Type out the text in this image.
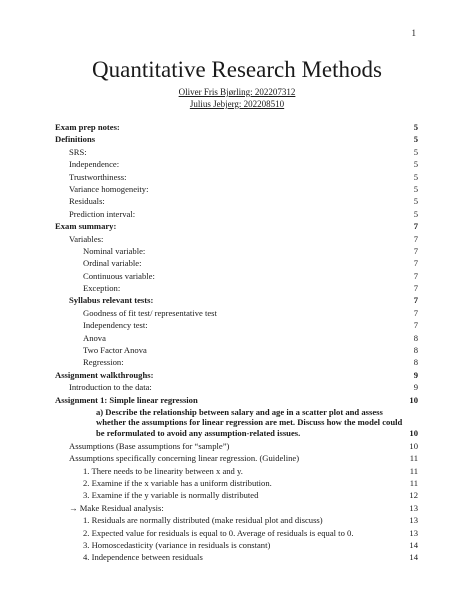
1
Quantitative Research Methods
Oliver Fris Bjørling: 202207312
Julius Jebjerg: 202208510
Exam prep notes:	5
Definitions	5
SRS:	5
Independence:	5
Trustworthiness:	5
Variance homogeneity:	5
Residuals:	5
Prediction interval:	5
Exam summary:	7
Variables:	7
Nominal variable:	7
Ordinal variable:	7
Continuous variable:	7
Exception:	7
Syllabus relevant tests:	7
Goodness of fit test/ representative test	7
Independency test:	7
Anova	8
Two Factor Anova	8
Regression:	8
Assignment walkthroughs:	9
Introduction to the data:	9
Assignment 1: Simple linear regression	10
a) Describe the relationship between salary and age in a scatter plot and assess whether the assumptions for linear regression are met. Discuss how the model could be reformulated to avoid any assumption-related issues.	10
Assumptions (Base assumptions for “sample”)	10
Assumptions specifically concerning linear regression. (Guideline)	11
1. There needs to be linearity between x and y.	11
2. Examine if the x variable has a uniform distribution.	11
3. Examine if the y variable is normally distributed	12
→ Make Residual analysis:	13
1. Residuals are normally distributed (make residual plot and discuss)	13
2. Expected value for residuals is equal to 0. Average of residuals is equal to 0.	13
3. Homoscedasticity (variance in residuals is constant)	14
4. Independence between residuals	14
